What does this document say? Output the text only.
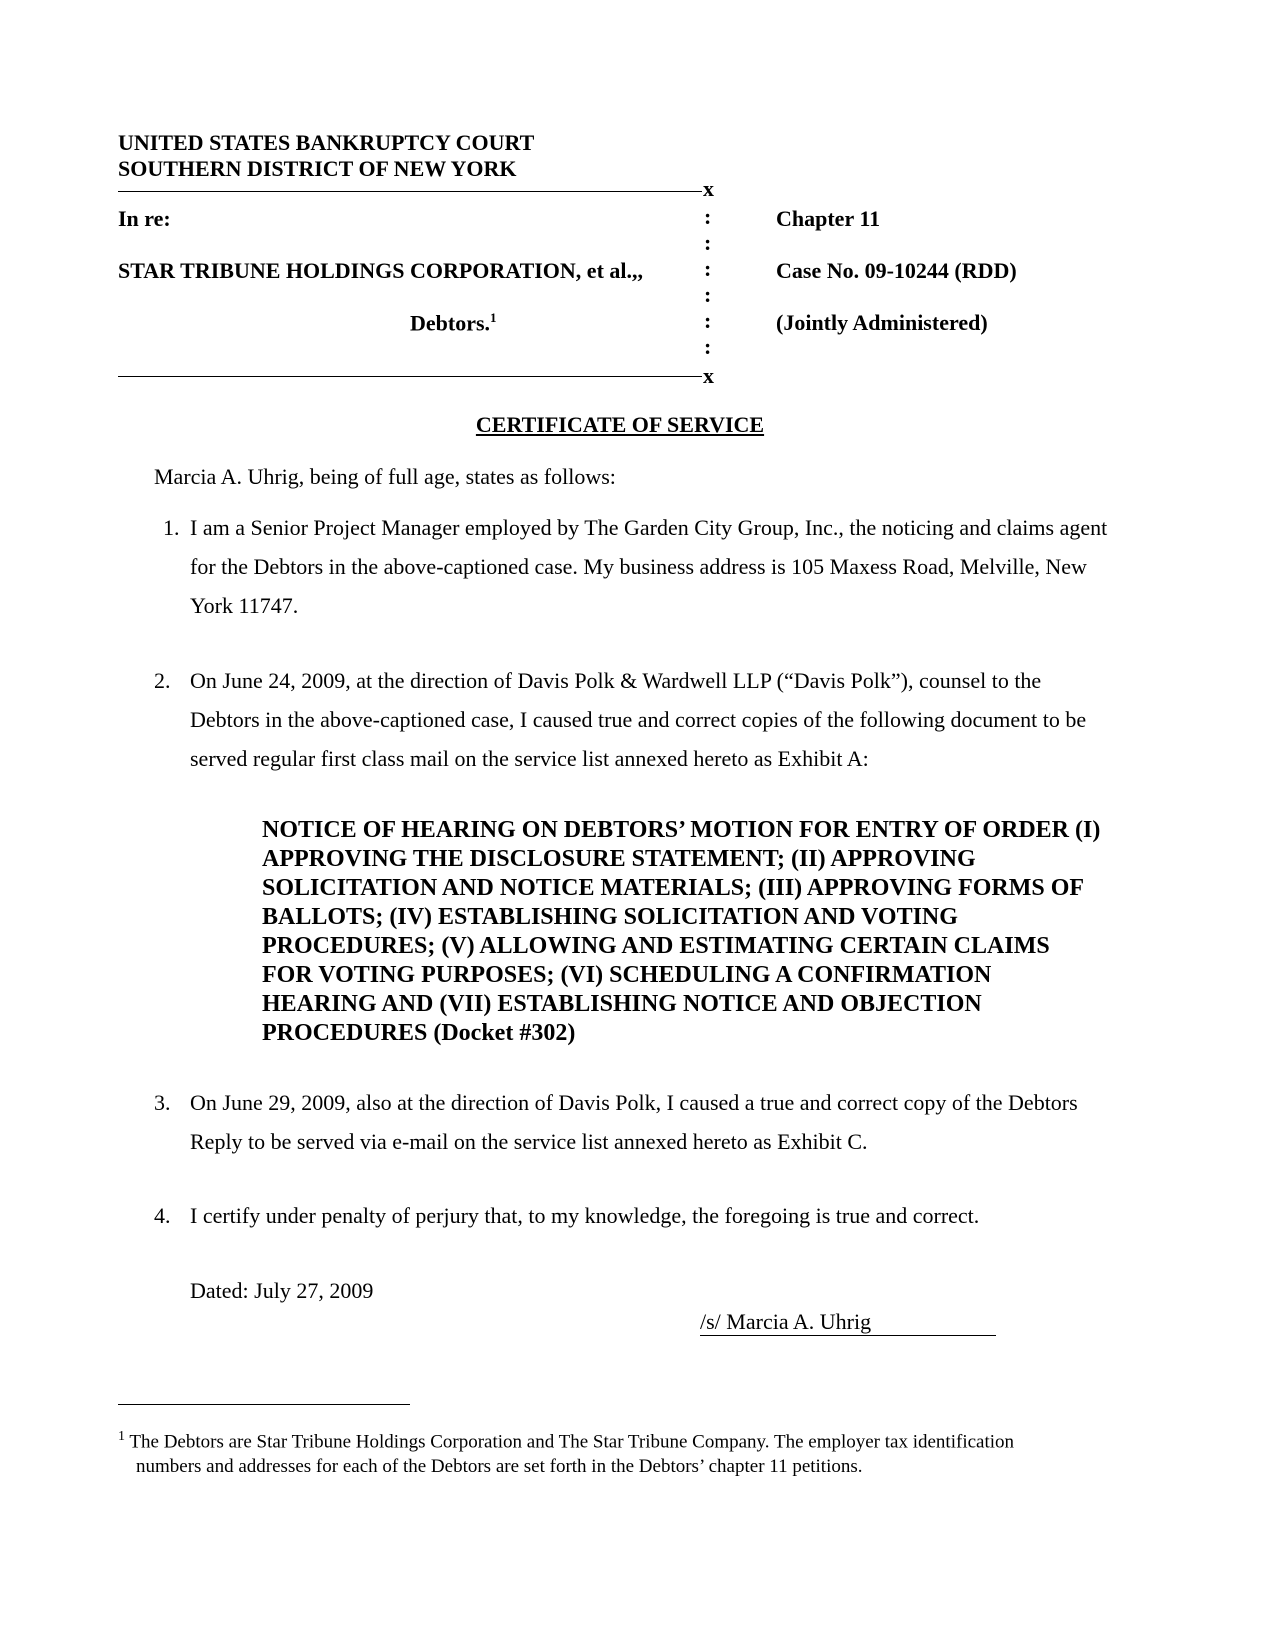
UNITED STATES BANKRUPTCY COURT
SOUTHERN DISTRICT OF NEW YORK
x
x
:
:
:
:
:
:
In re:
STAR TRIBUNE HOLDINGS CORPORATION, et al.,,
Debtors.$^1$
Chapter 11
Case No. 09-10244 (RDD)
(Jointly Administered)
CERTIFICATE OF SERVICE
Marcia A. Uhrig, being of full age, states as follows:
1. I am a Senior Project Manager employed by The Garden City Group, Inc., the noticing and claims agent
for the Debtors in the above-captioned case. My business address is 105 Maxess Road, Melville, New
York 11747.
2. On June 24, 2009, at the direction of Davis Polk & Wardwell LLP (“Davis Polk”), counsel to the
Debtors in the above-captioned case, I caused true and correct copies of the following document to be
served regular first class mail on the service list annexed hereto as Exhibit A:
NOTICE OF HEARING ON DEBTORS’ MOTION FOR ENTRY OF ORDER (I)
APPROVING THE DISCLOSURE STATEMENT; (II) APPROVING
SOLICITATION AND NOTICE MATERIALS; (III) APPROVING FORMS OF
BALLOTS; (IV) ESTABLISHING SOLICITATION AND VOTING
PROCEDURES; (V) ALLOWING AND ESTIMATING CERTAIN CLAIMS
FOR VOTING PURPOSES; (VI) SCHEDULING A CONFIRMATION
HEARING AND (VII) ESTABLISHING NOTICE AND OBJECTION
PROCEDURES (Docket #302)
3. On June 29, 2009, also at the direction of Davis Polk, I caused a true and correct copy of the Debtors
Reply to be served via e-mail on the service list annexed hereto as Exhibit C.
4. I certify under penalty of perjury that, to my knowledge, the foregoing is true and correct.
Dated: July 27, 2009
/s/ Marcia A. Uhrig
$^1$ The Debtors are Star Tribune Holdings Corporation and The Star Tribune Company. The employer tax identification
numbers and addresses for each of the Debtors are set forth in the Debtors’ chapter 11 petitions.
